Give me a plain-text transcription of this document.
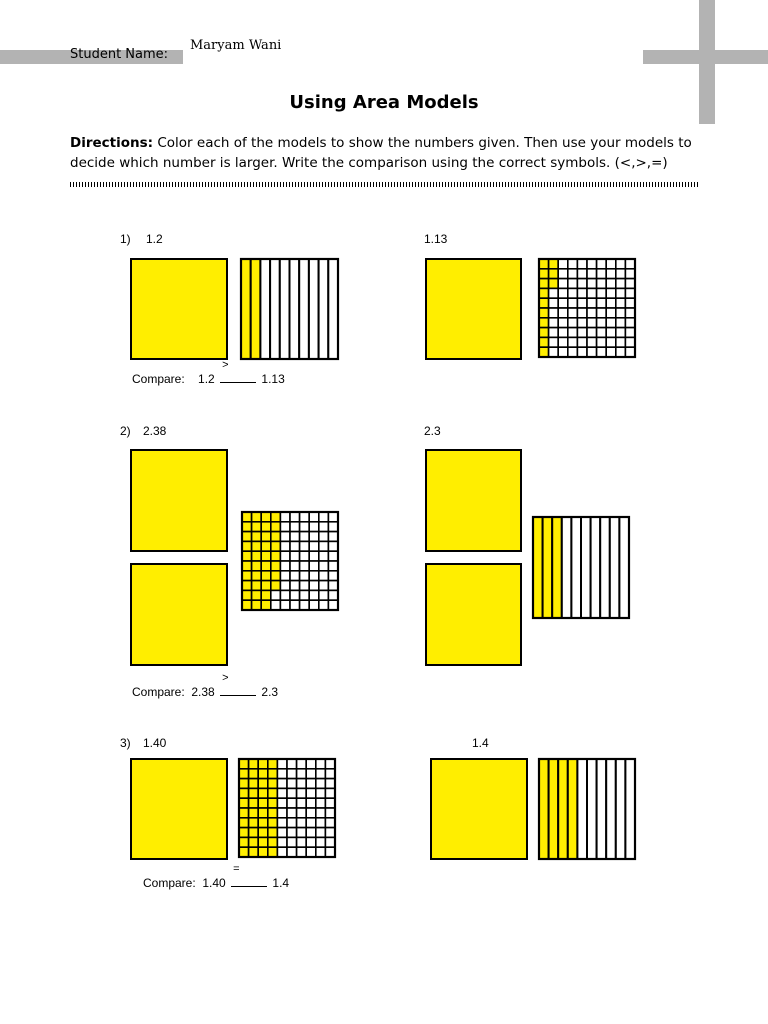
Student Name:
Maryam Wani
Using Area Models
Directions: Color each of the models to show the numbers given. Then use your models to decide which number is larger. Write the comparison using the correct symbols. (<,>,=)
1) 1.2	1.13
Compare: 1.2
>
1.13
2) 2.38	2.3
Compare: 2.38
>
2.3
3) 1.40	1.4
Compare: 1.40
=
1.4
